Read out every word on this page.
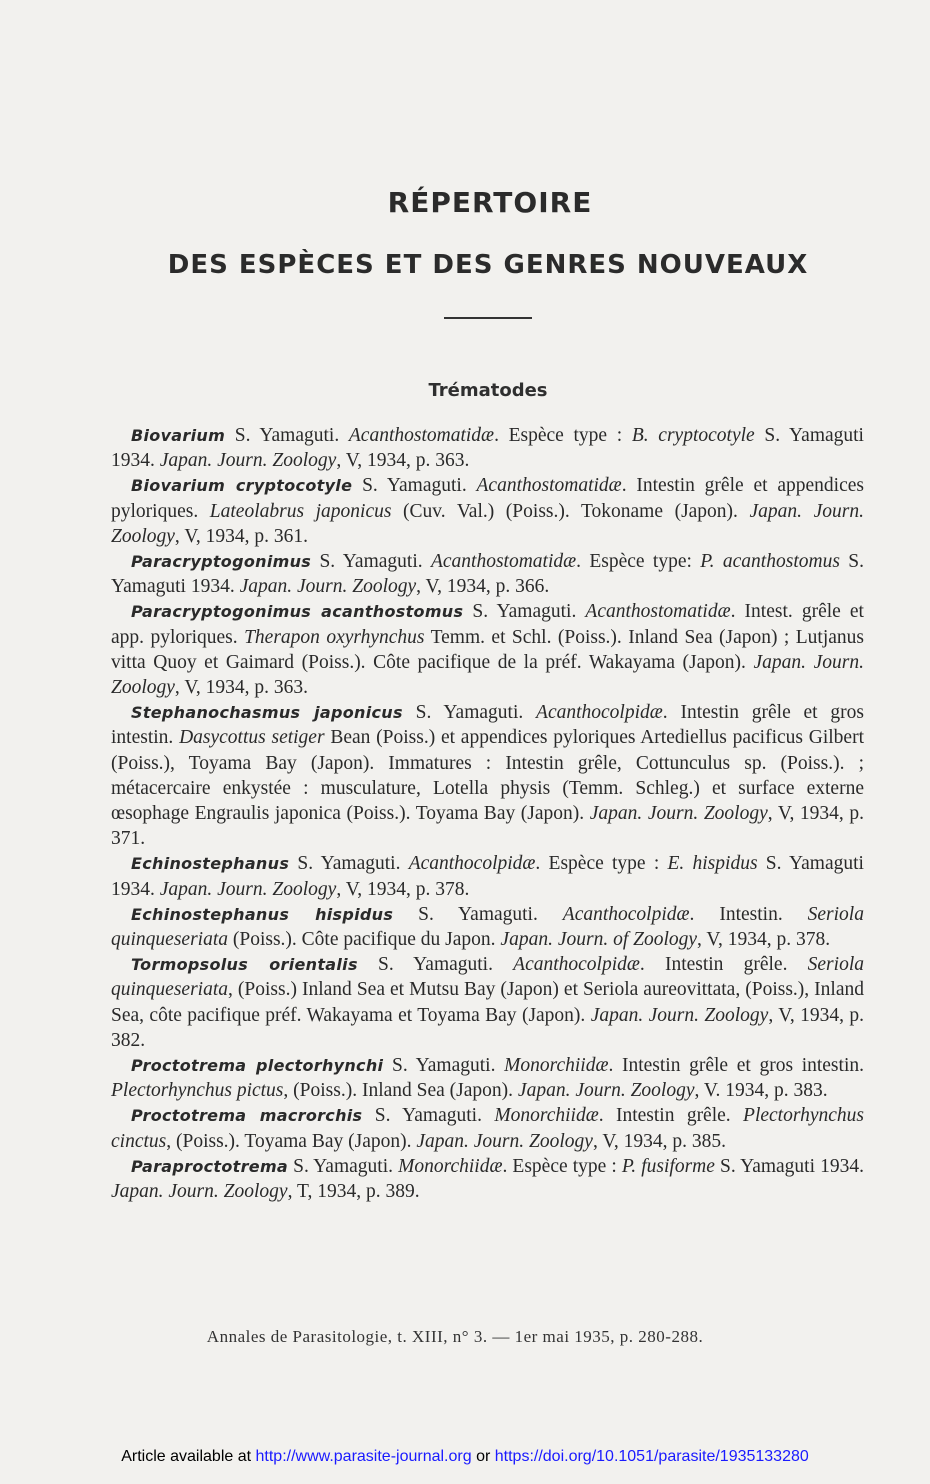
RÉPERTOIRE
DES ESPÈCES ET DES GENRES NOUVEAUX
Trématodes

Biovarium S. Yamaguti. Acanthostomatidæ. Espèce type : B. cryptocotyle S. Yamaguti 1934. Japan. Journ. Zoology, V, 1934, p. 363.

Biovarium cryptocotyle S. Yamaguti. Acanthostomatidæ. Intestin grêle et appendices pyloriques. Lateolabrus japonicus (Cuv. Val.) (Poiss.). Tokoname (Japon). Japan. Journ. Zoology, V, 1934, p. 361.

Paracryptogonimus S. Yamaguti. Acanthostomatidæ. Espèce type: P. acanthostomus S. Yamaguti 1934. Japan. Journ. Zoology, V, 1934, p. 366.

Paracryptogonimus acanthostomus S. Yamaguti. Acanthostomatidæ. Intest. grêle et app. pyloriques. Therapon oxyrhynchus Temm. et Schl. (Poiss.). Inland Sea (Japon) ; Lutjanus vitta Quoy et Gaimard (Poiss.). Côte pacifique de la préf. Wakayama (Japon). Japan. Journ. Zoology, V, 1934, p. 363.

Stephanochasmus japonicus S. Yamaguti. Acanthocolpidæ. Intestin grêle et gros intestin. Dasycottus setiger Bean (Poiss.) et appendices pyloriques Artediellus pacificus Gilbert (Poiss.), Toyama Bay (Japon). Immatures : Intestin grêle, Cottunculus sp. (Poiss.). ; métacercaire enkystée : musculature, Lotella physis (Temm. Schleg.) et surface externe œsophage Engraulis japonica (Poiss.). Toyama Bay (Japon). Japan. Journ. Zoology, V, 1934, p. 371.

Echinostephanus S. Yamaguti. Acanthocolpidæ. Espèce type : E. hispidus S. Yamaguti 1934. Japan. Journ. Zoology, V, 1934, p. 378.

Echinostephanus hispidus S. Yamaguti. Acanthocolpidæ. Intestin. Seriola quinqueseriata (Poiss.). Côte pacifique du Japon. Japan. Journ. of Zoology, V, 1934, p. 378.

Tormopsolus orientalis S. Yamaguti. Acanthocolpidæ. Intestin grêle. Seriola quinqueseriata, (Poiss.) Inland Sea et Mutsu Bay (Japon) et Seriola aureovittata, (Poiss.), Inland Sea, côte pacifique préf. Wakayama et Toyama Bay (Japon). Japan. Journ. Zoology, V, 1934, p. 382.

Proctotrema plectorhynchi S. Yamaguti. Monorchiidæ. Intestin grêle et gros intestin. Plectorhynchus pictus, (Poiss.). Inland Sea (Japon). Japan. Journ. Zoology, V. 1934, p. 383.

Proctotrema macrorchis S. Yamaguti. Monorchiidæ. Intestin grêle. Plectorhynchus cinctus, (Poiss.). Toyama Bay (Japon). Japan. Journ. Zoology, V, 1934, p. 385.

Paraproctotrema S. Yamaguti. Monorchiidæ. Espèce type : P. fusiforme S. Yamaguti 1934. Japan. Journ. Zoology, T, 1934, p. 389.

Annales de Parasitologie, t. XIII, n° 3. — 1er mai 1935, p. 280-288.
Article available at http://www.parasite-journal.org or https://doi.org/10.1051/parasite/1935133280
